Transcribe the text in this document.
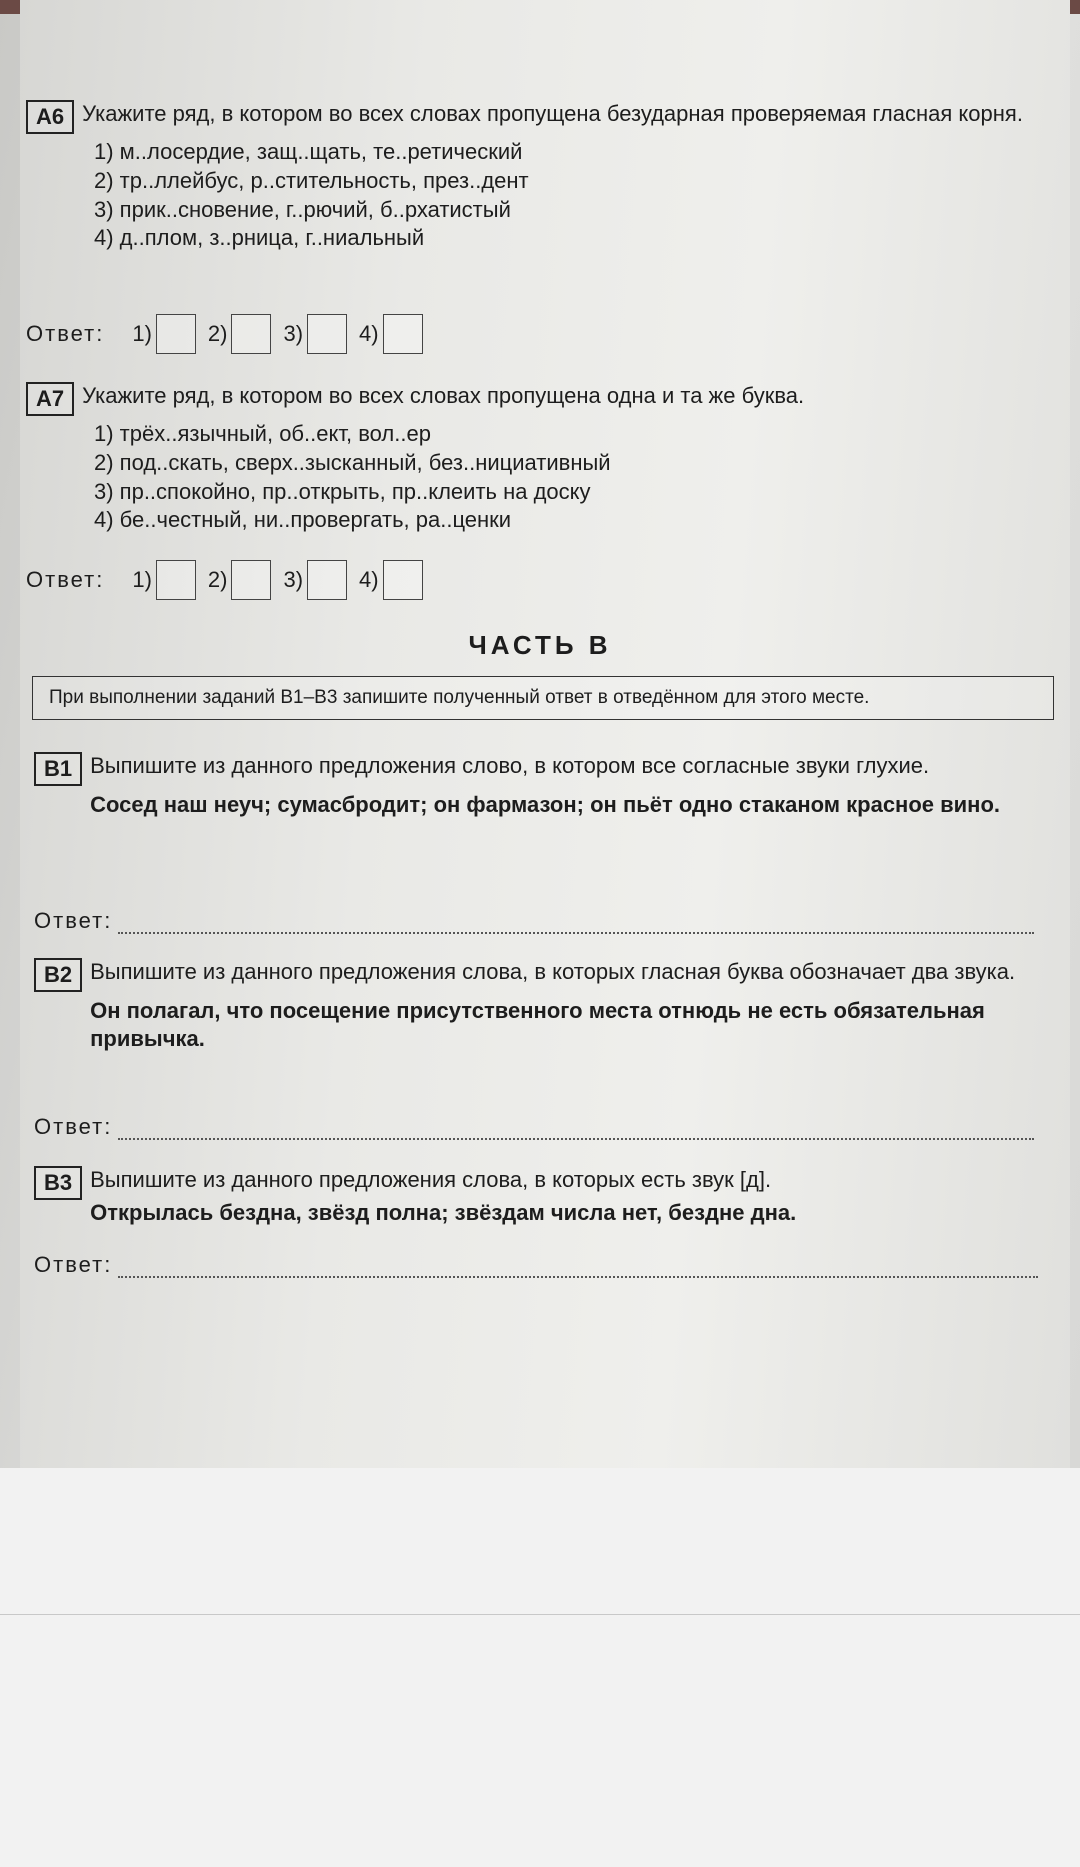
А6 Укажите ряд, в котором во всех словах пропущена безударная проверяемая гласная корня.
1) м..лосердие, защ..щать, те..ретический
2) тр..ллейбус, р..стительность, през..дент
3) прик..сновение, г..рючий, б..рхатистый
4) д..плом, з..рница, г..ниальный
Ответ: 1)	2)	3)	4)
А7 Укажите ряд, в котором во всех словах пропущена одна и та же буква.
1) трёх..язычный, об..ект, вол..ер
2) под..скать, сверх..зысканный, без..нициативный
3) пр..спокойно, пр..открыть, пр..клеить на доску
4) бе..честный, ни..провергать, ра..ценки
Ответ: 1)	2)	3)	4)
ЧАСТЬ В
При выполнении заданий В1–В3 запишите полученный ответ в отведённом для этого месте.
В1 Выпишите из данного предложения слово, в котором все согласные звуки глухие.
Сосед наш неуч; сумасбродит; он фармазон; он пьёт одно стаканом красное вино.
Ответ:
В2 Выпишите из данного предложения слова, в которых гласная буква обозначает два звука.
Он полагал, что посещение присутственного места отнюдь не есть обязательная привычка.
Ответ:
В3 Выпишите из данного предложения слова, в которых есть звук [д].
Открылась бездна, звёзд полна; звёздам числа нет, бездне дна.
Ответ:
